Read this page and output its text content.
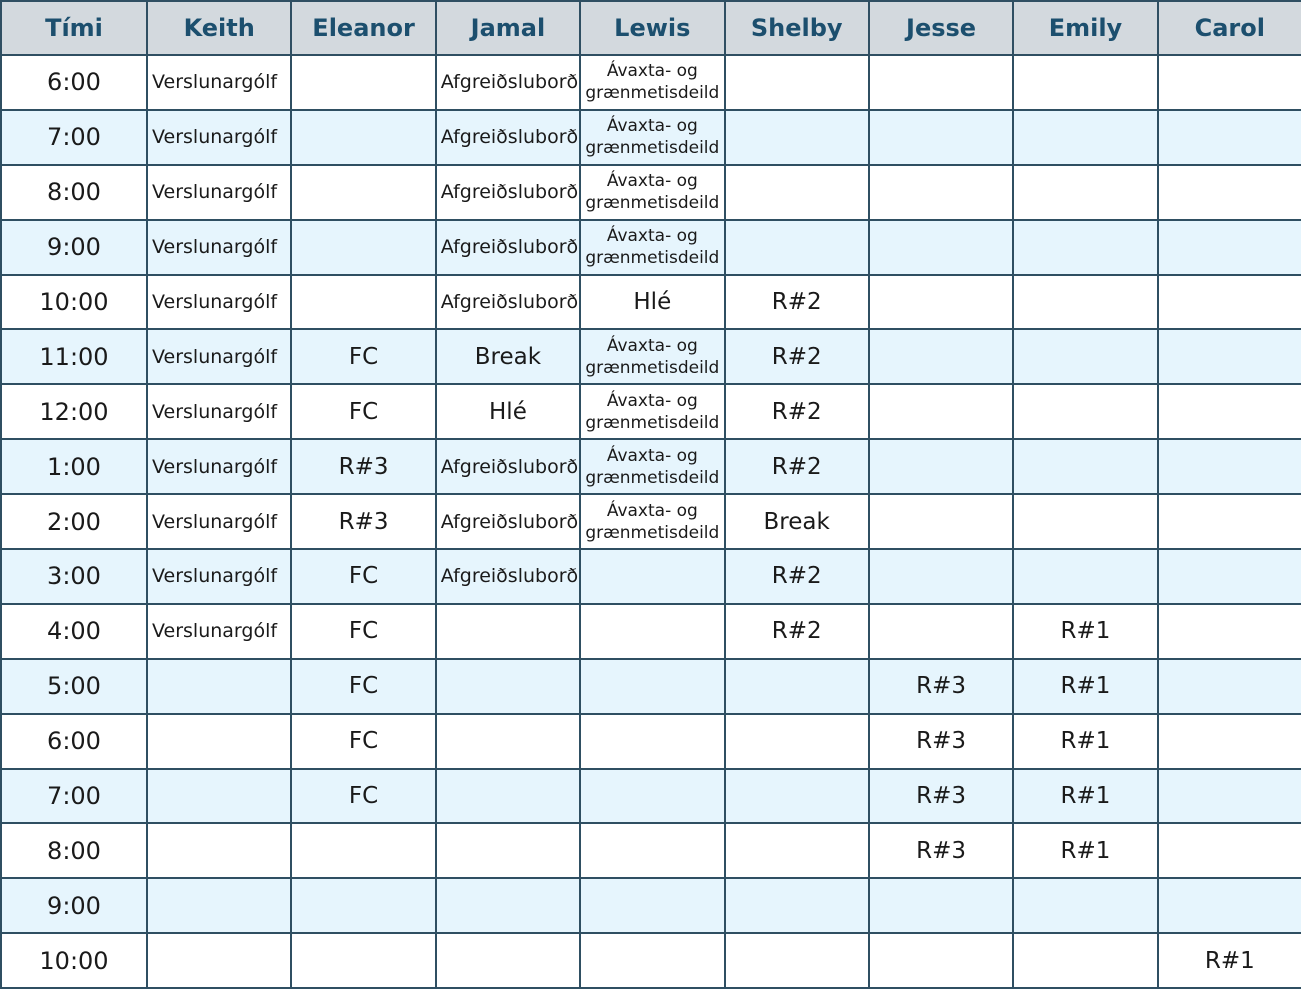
Tími	Keith	Eleanor	Jamal	Lewis	Shelby	Jesse	Emily	Carol
6:00	Verslunargólf		Afgreiðsluborð	Ávaxta- og grænmetisdeild				
7:00	Verslunargólf		Afgreiðsluborð	Ávaxta- og grænmetisdeild				
8:00	Verslunargólf		Afgreiðsluborð	Ávaxta- og grænmetisdeild				
9:00	Verslunargólf		Afgreiðsluborð	Ávaxta- og grænmetisdeild				
10:00	Verslunargólf		Afgreiðsluborð	Hlé	R#2			
11:00	Verslunargólf	FC	Break	Ávaxta- og grænmetisdeild	R#2			
12:00	Verslunargólf	FC	Hlé	Ávaxta- og grænmetisdeild	R#2			
1:00	Verslunargólf	R#3	Afgreiðsluborð	Ávaxta- og grænmetisdeild	R#2			
2:00	Verslunargólf	R#3	Afgreiðsluborð	Ávaxta- og grænmetisdeild	Break			
3:00	Verslunargólf	FC	Afgreiðsluborð		R#2			
4:00	Verslunargólf	FC			R#2		R#1	
5:00		FC				R#3	R#1	
6:00		FC				R#3	R#1	
7:00		FC				R#3	R#1	
8:00						R#3	R#1	
9:00								
10:00								R#1
